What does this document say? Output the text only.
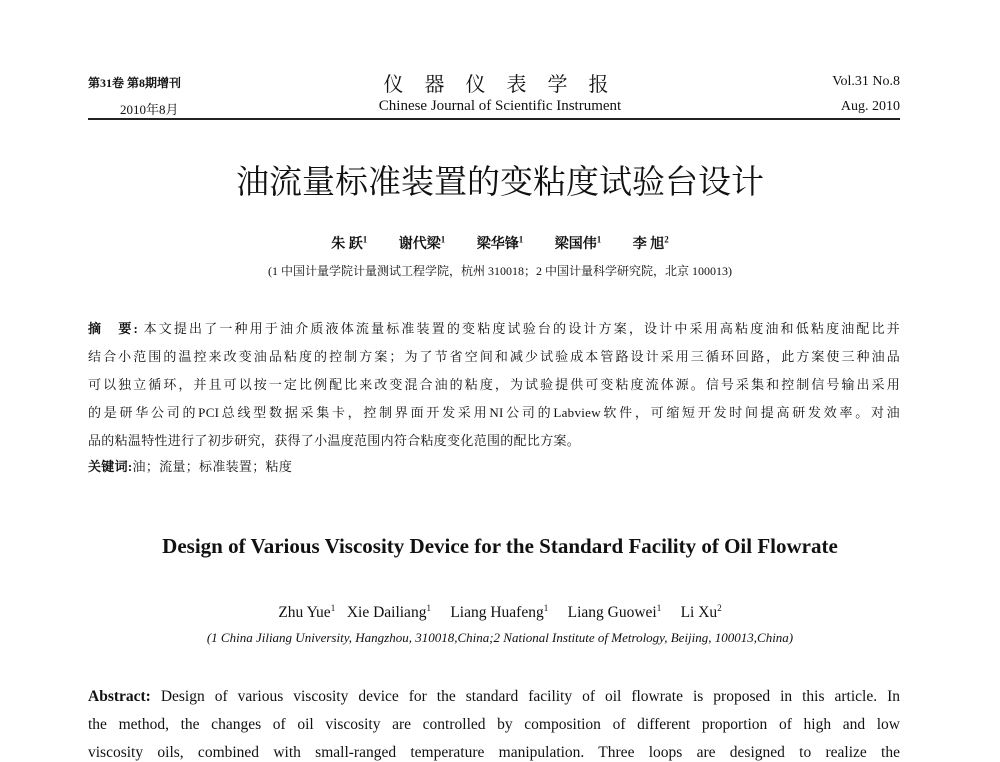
第31卷 第8期增刊
2010年8月
仪 器 仪 表 学 报
Chinese Journal of Scientific Instrument
Vol.31 No.8
Aug. 2010
油流量标准装置的变粘度试验台设计
朱 跃$^1$   谢代梁$^1$   梁华锋$^1$   梁国伟$^1$   李 旭$^2$
(1 中国计量学院计量测试工程学院，杭州 310018；2 中国计量科学研究院，北京 100013)
摘　要: 本文提出了一种用于油介质液体流量标准装置的变粘度试验台的设计方案，设计中采用高粘度油和低粘度油配比并
结合小范围的温控来改变油品粘度的控制方案；为了节省空间和减少试验成本管路设计采用三循环回路，此方案使三种油品
可以独立循环，并且可以按一定比例配比来改变混合油的粘度，为试验提供可变粘度流体源。信号采集和控制信号输出采用
的是研华公司的PCI总线型数据采集卡，控制界面开发采用NI公司的Labview软件，可缩短开发时间提高研发效率。对油
品的粘温特性进行了初步研究，获得了小温度范围内符合粘度变化范围的配比方案。
关键词:油；流量；标准装置；粘度
Design of Various Viscosity Device for the Standard Facility of Oil Flowrate
Zhu Yue$^1$  Xie Dailiang$^1$  Liang Huafeng$^1$  Liang Guowei$^1$  Li Xu$^2$
(1 China Jiliang University, Hangzhou, 310018,China;2 National Institute of Metrology, Beijing, 100013,China)
Abstract: Design of various viscosity device for the standard facility of oil flowrate is proposed in this article. In
the method, the changes of oil viscosity are controlled by composition of different proportion of high and low
viscosity oils, combined with small-ranged temperature manipulation. Three loops are designed to realize the
